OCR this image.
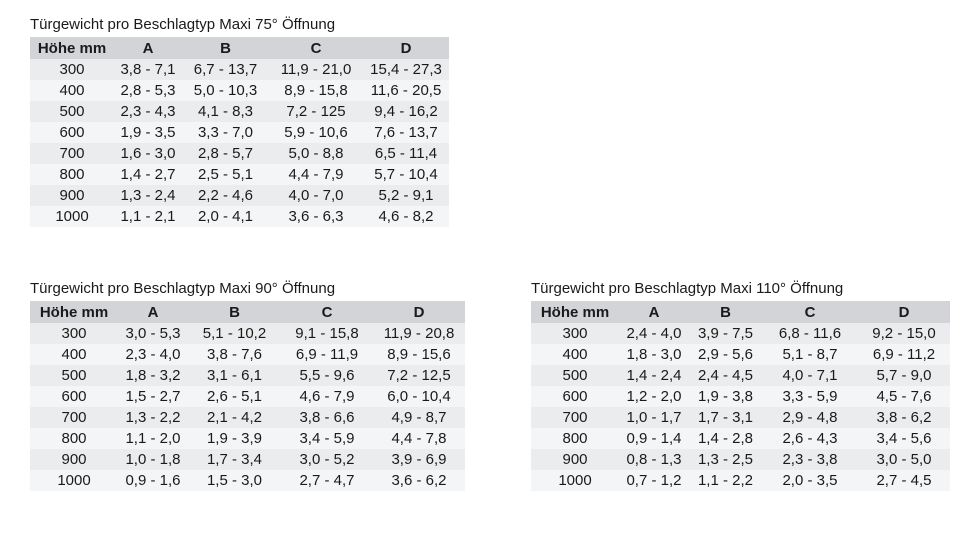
Türgewicht pro Beschlagtyp Maxi 75° Öffnung
Höhe mm	A	B	C	D
300	3,8 - 7,1	6,7 - 13,7	11,9 - 21,0	15,4 - 27,3
400	2,8 - 5,3	5,0 - 10,3	8,9 - 15,8	11,6 - 20,5
500	2,3 - 4,3	4,1 - 8,3	7,2 - 125	9,4 - 16,2
600	1,9 - 3,5	3,3 - 7,0	5,9 - 10,6	7,6 - 13,7
700	1,6 - 3,0	2,8 - 5,7	5,0 - 8,8	6,5 - 11,4
800	1,4 - 2,7	2,5 - 5,1	4,4 - 7,9	5,7 - 10,4
900	1,3 - 2,4	2,2 - 4,6	4,0 - 7,0	5,2 - 9,1
1000	1,1 - 2,1	2,0 - 4,1	3,6 - 6,3	4,6 - 8,2
Türgewicht pro Beschlagtyp Maxi 90° Öffnung
Höhe mm	A	B	C	D
300	3,0 - 5,3	5,1 - 10,2	9,1 - 15,8	11,9 - 20,8
400	2,3 - 4,0	3,8 - 7,6	6,9 - 11,9	8,9 - 15,6
500	1,8 - 3,2	3,1 - 6,1	5,5 - 9,6	7,2 - 12,5
600	1,5 - 2,7	2,6 - 5,1	4,6 - 7,9	6,0 - 10,4
700	1,3 - 2,2	2,1 - 4,2	3,8 - 6,6	4,9 - 8,7
800	1,1 - 2,0	1,9 - 3,9	3,4 - 5,9	4,4 - 7,8
900	1,0 - 1,8	1,7 - 3,4	3,0 - 5,2	3,9 - 6,9
1000	0,9 - 1,6	1,5 - 3,0	2,7 - 4,7	3,6 - 6,2
Türgewicht pro Beschlagtyp Maxi 110° Öffnung
Höhe mm	A	B	C	D
300	2,4 - 4,0	3,9 - 7,5	6,8 - 11,6	9,2 - 15,0
400	1,8 - 3,0	2,9 - 5,6	5,1 - 8,7	6,9 - 11,2
500	1,4 - 2,4	2,4 - 4,5	4,0 - 7,1	5,7 - 9,0
600	1,2 - 2,0	1,9 - 3,8	3,3 - 5,9	4,5 - 7,6
700	1,0 - 1,7	1,7 - 3,1	2,9 - 4,8	3,8 - 6,2
800	0,9 - 1,4	1,4 - 2,8	2,6 - 4,3	3,4 - 5,6
900	0,8 - 1,3	1,3 - 2,5	2,3 - 3,8	3,0 - 5,0
1000	0,7 - 1,2	1,1 - 2,2	2,0 - 3,5	2,7 - 4,5
